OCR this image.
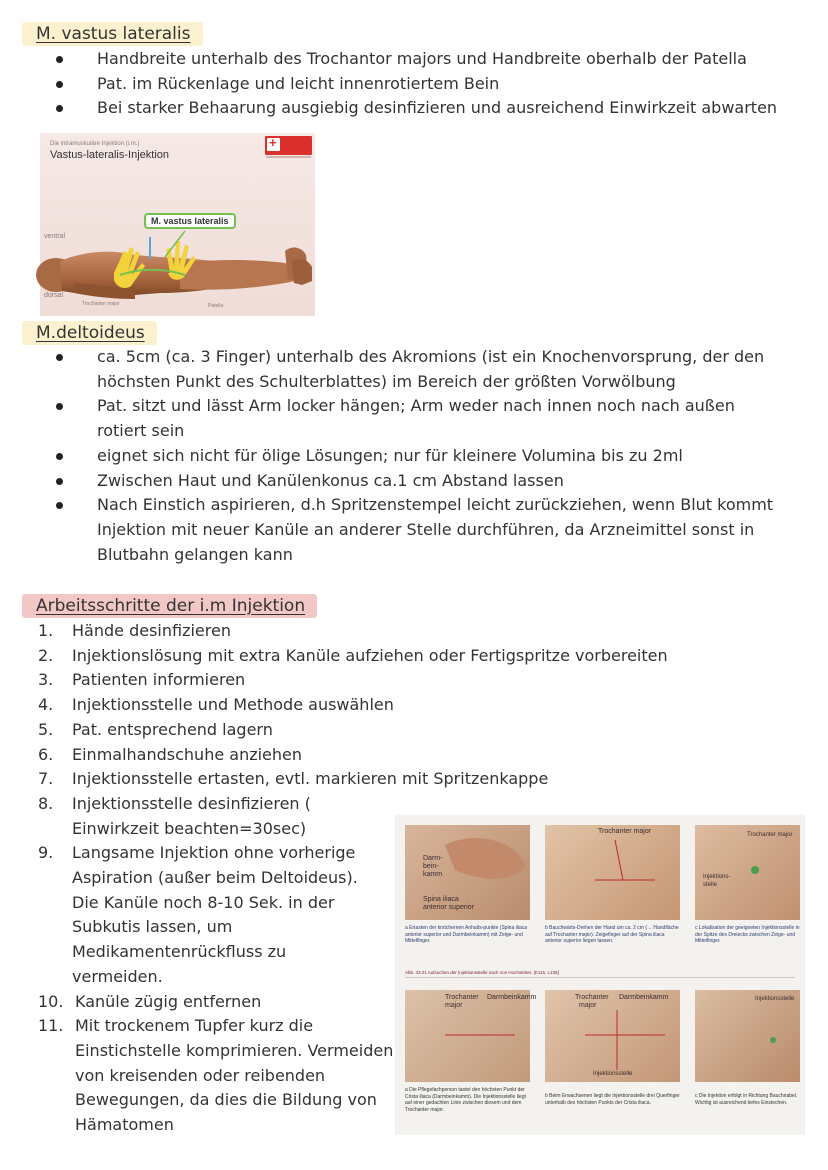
M. vastus lateralis
Handbreite unterhalb des Trochantor majors und Handbreite oberhalb der Patella
Pat. im Rückenlage und leicht innenrotiertem Bein
Bei starker Behaarung ausgiebig desinfizieren und ausreichend Einwirkzeit abwarten
Die intramuskuläre Injektion (i.m.)
Vastus-lateralis-Injektion
+
M. vastus lateralis
ventral
dorsal
Trochanter major	Patella
M.deltoideus
ca. 5cm (ca. 3 Finger) unterhalb des Akromions (ist ein Knochenvorsprung, der den höchsten Punkt des Schulterblattes) im Bereich der größten Vorwölbung
Pat. sitzt und lässt Arm locker hängen; Arm weder nach innen noch nach außen rotiert sein
eignet sich nicht für ölige Lösungen; nur für kleinere Volumina bis zu 2ml
Zwischen Haut und Kanülenkonus ca.1 cm Abstand lassen
Nach Einstich aspirieren, d.h Spritzenstempel leicht zurückziehen, wenn Blut kommt Injektion mit neuer Kanüle an anderer Stelle durchführen, da Arzneimittel sonst in Blutbahn gelangen kann
Arbeitsschritte der i.m Injektion
1. Hände desinfizieren
2. Injektionslösung mit extra Kanüle aufziehen oder Fertigspritze vorbereiten
3. Patienten informieren
4. Injektionsstelle und Methode auswählen
5. Pat. entsprechend lagern
6. Einmalhandschuhe anziehen
7. Injektionsstelle ertasten, evtl. markieren mit Spritzenkappe
8. Injektionsstelle desinfizieren ( Einwirkzeit beachten=30sec)
9. Langsame Injektion ohne vorherige Aspiration (außer beim Deltoideus). Die Kanüle noch 8-10 Sek. in der Subkutis lassen, um Medikamentenrückfluss zu vermeiden.
10. Kanüle zügig entfernen
11. Mit trockenem Tupfer kurz die Einstichstelle komprimieren. Vermeiden von kreisenden oder reibenden Bewegungen, da dies die Bildung von Hämatomen
Darm-
bein-
kamm
Spina iliaca
anterior superior
Trochanter major	Trochanter major
Injektions-
stelle
a Ertasten der knöchernen Anhalts-punkte (Spina iliaca anterior superior und Darmbeinkamm) mit Zeige- und Mittelfinger.
b Bauchwärts-Drehen der Hand um ca. 2 cm (→ Handfläche auf Trochanter major). Zeigefinger auf der Spina iliaca anterior superior liegen lassen.
c Lokalisation der geeigneten Injektionsstelle in der Spitze des Dreiecks zwischen Zeige- und Mittelfinger.
Abb. 43.21 Aufsuchen der Injektionsstelle nach von Hochstetter. [K115, L138]
Trochanter
major
Darmbeinkamm	Trochanter
major
Darmbeinkamm
Injektionsstelle
Injektionsstelle
a Die Pflegefachperson tastet den höchsten Punkt der Crista iliaca (Darmbeinkamm). Die Injektionsstelle liegt auf einer gedachten Linie zwischen diesem und dem Trochanter major.
b Beim Erwachsenen liegt die Injektionsstelle drei Querfinger unterhalb des höchsten Punkts der Crista iliaca.
c Die Injektion erfolgt in Richtung Bauchnabel. Wichtig ist ausreichend tiefes Einstechen.
